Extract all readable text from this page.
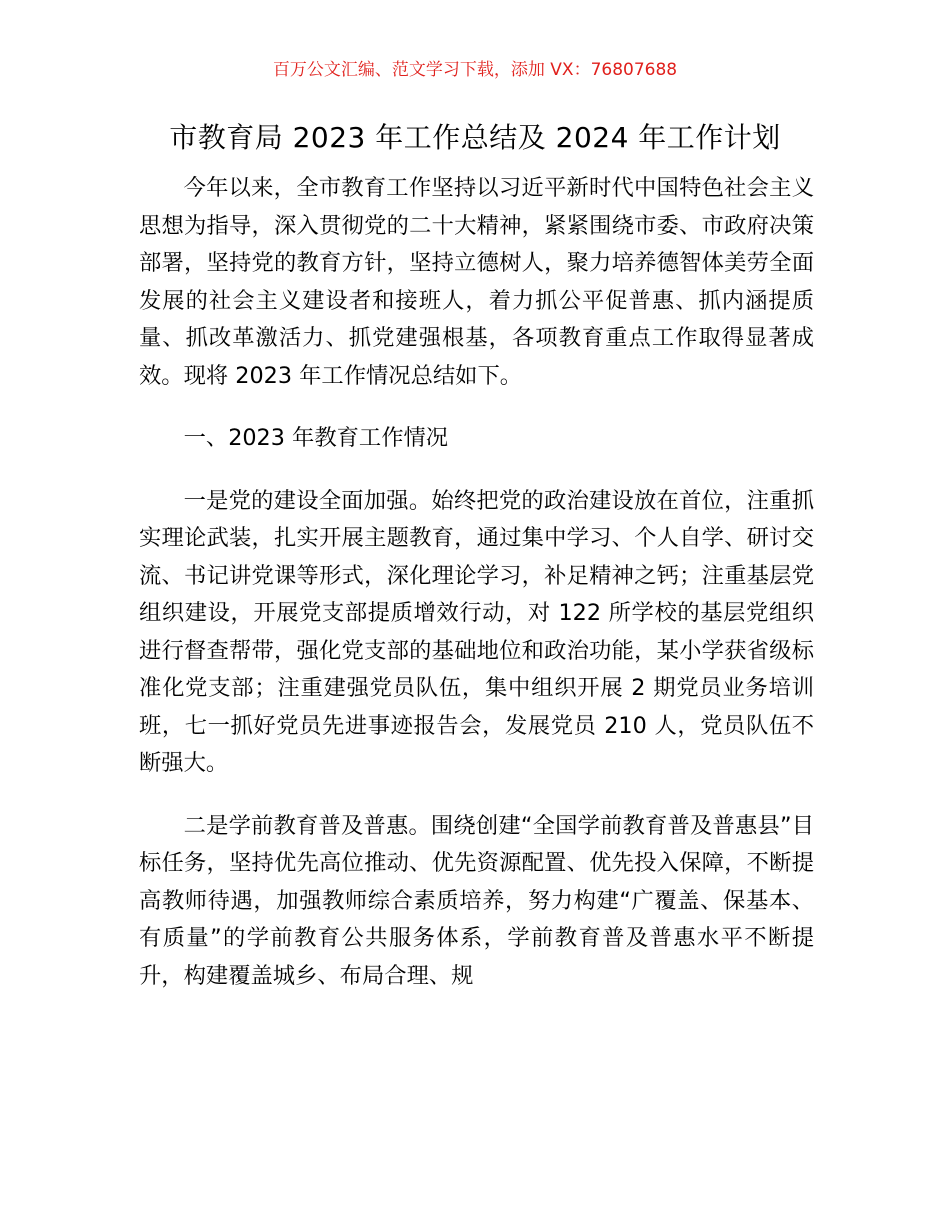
百万公文汇编、范文学习下载，添加 VX：76807688
市教育局 2023 年工作总结及 2024 年工作计划

今年以来，全市教育工作坚持以习近平新时代中国特色社会主义思想为指导，深入贯彻党的二十大精神，紧紧围绕市委、市政府决策部署，坚持党的教育方针，坚持立德树人，聚力培养德智体美劳全面发展的社会主义建设者和接班人，着力抓公平促普惠、抓内涵提质量、抓改革激活力、抓党建强根基，各项教育重点工作取得显著成效。现将 2023 年工作情况总结如下。

一、2023 年教育工作情况

一是党的建设全面加强。始终把党的政治建设放在首位，注重抓实理论武装，扎实开展主题教育，通过集中学习、个人自学、研讨交流、书记讲党课等形式，深化理论学习，补足精神之钙；注重基层党组织建设，开展党支部提质增效行动，对 122 所学校的基层党组织进行督查帮带，强化党支部的基础地位和政治功能，某小学获省级标准化党支部；注重建强党员队伍，集中组织开展 2 期党员业务培训班，七一抓好党员先进事迹报告会，发展党员 210 人，党员队伍不断强大。

二是学前教育普及普惠。围绕创建“全国学前教育普及普惠县”目标任务，坚持优先高位推动、优先资源配置、优先投入保障，不断提高教师待遇，加强教师综合素质培养，努力构建“广覆盖、保基本、有质量”的学前教育公共服务体系，学前教育普及普惠水平不断提升，构建覆盖城乡、布局合理、规
